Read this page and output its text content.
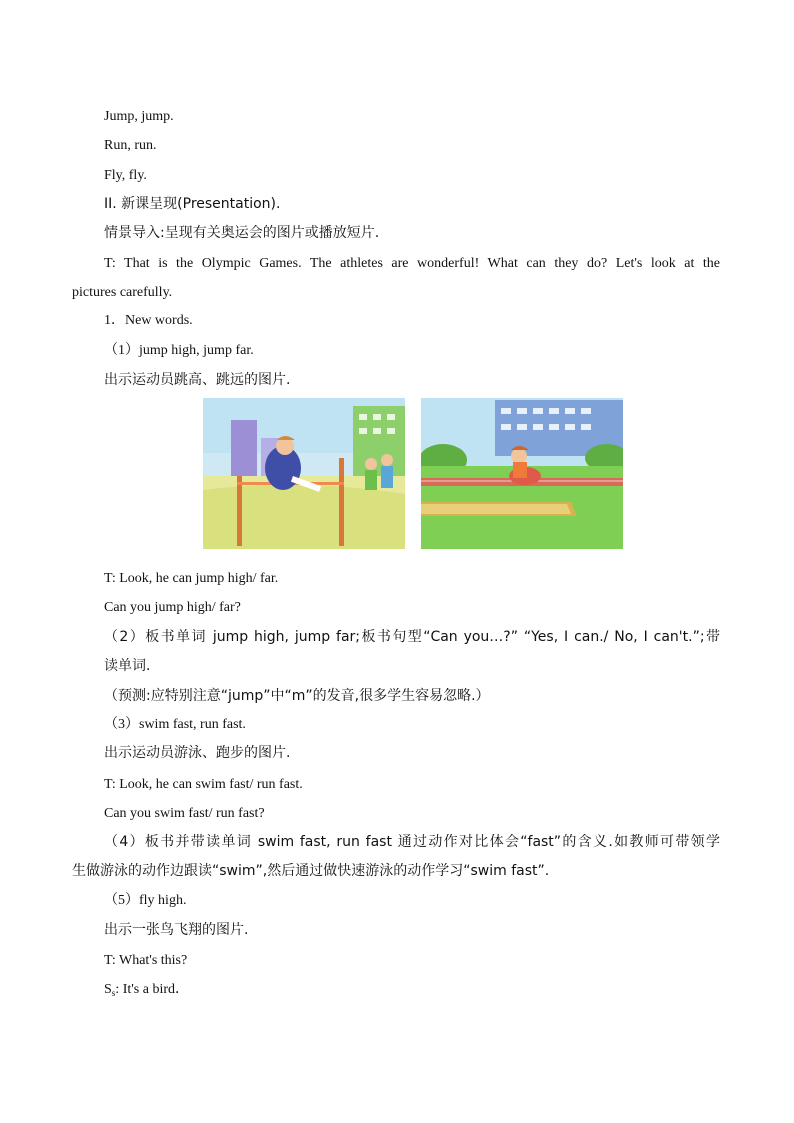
Jump, jump.
Run, run.
Fly, fly.
II. 新课呈现(Presentation).
情景导入:呈现有关奥运会的图片或播放短片.
T: That is the Olympic Games. The athletes are wonderful! What can they do? Let's look at the
pictures carefully.
1．New words.
（1）jump high, jump far.
出示运动员跳高、跳远的图片.
T: Look, he can jump high/ far.
Can you jump high/ far?
（2）板书单词 jump high, jump far;板书句型“Can you…?” “Yes, I can./ No, I can't.”;带
读单词.
（预测:应特别注意“jump”中“m”的发音,很多学生容易忽略.）
（3）swim fast, run fast.
出示运动员游泳、跑步的图片.
T: Look, he can swim fast/ run fast.
Can you swim fast/ run fast?
（4）板书并带读单词 swim fast, run fast 通过动作对比体会“fast”的含义.如教师可带领学
生做游泳的动作边跟读“swim”,然后通过做快速游泳的动作学习“swim fast”.
（5）fly high.
出示一张鸟飞翔的图片.
T: What's this?
$S_s$: It's a bird．
